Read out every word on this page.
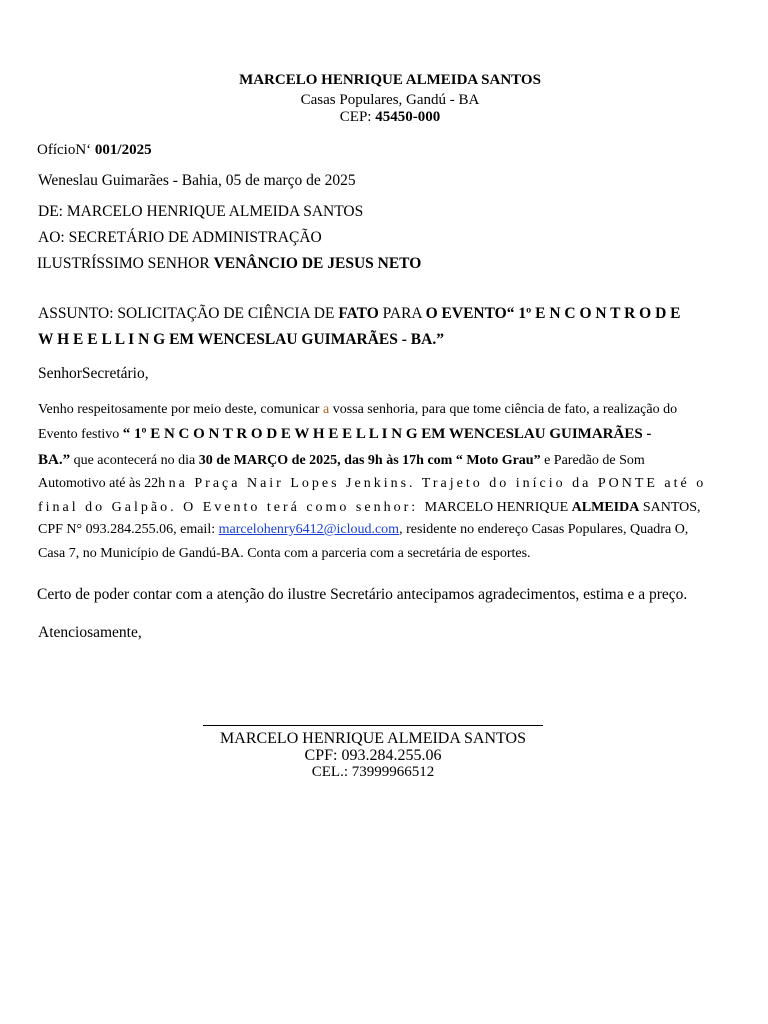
MARCELO HENRIQUE ALMEIDA SANTOS
Casas Populares, Gandú - BA
CEP: 45450-000
OfícioN‘ 001/2025
Weneslau Guimarães - Bahia, 05 de março de 2025
DE: MARCELO HENRIQUE ALMEIDA SANTOS
AO: SECRETÁRIO DE ADMINISTRAÇÃO
ILUSTRÍSSIMO SENHOR VENÂNCIO DE JESUS NETO
ASSUNTO: SOLICITAÇÃO DE CIÊNCIA DE FATO PARA O EVENTO“ 1º E N C O N T R O D E
W H E E L L I N G EM WENCESLAU GUIMARÃES - BA.”
SenhorSecretário,
Venho respeitosamente por meio deste, comunicar a vossa senhoria, para que tome ciência de fato, a realização do
Evento festivo “ 1º E N C O N T R O D E W H E E L L I N G EM WENCESLAU GUIMARÃES -
BA.” que acontecerá no dia 30 de MARÇO de 2025, das 9h às 17h com “ Moto Grau” e Paredão de Som
Automotivo até às 22h na Praça Nair Lopes Jenkins. Trajeto do início da PONTE até o
final do Galpão. O Evento terá como senhor: MARCELO HENRIQUE ALMEIDA SANTOS,
CPF N° 093.284.255.06, email: marcelohenry6412@icloud.com, residente no endereço Casas Populares, Quadra O,
Casa 7, no Município de Gandú-BA. Conta com a parceria com a secretária de esportes.
Certo de poder contar com a atenção do ilustre Secretário antecipamos agradecimentos, estima e a preço.
Atenciosamente,
MARCELO HENRIQUE ALMEIDA SANTOS
CPF: 093.284.255.06
CEL.: 73999966512
